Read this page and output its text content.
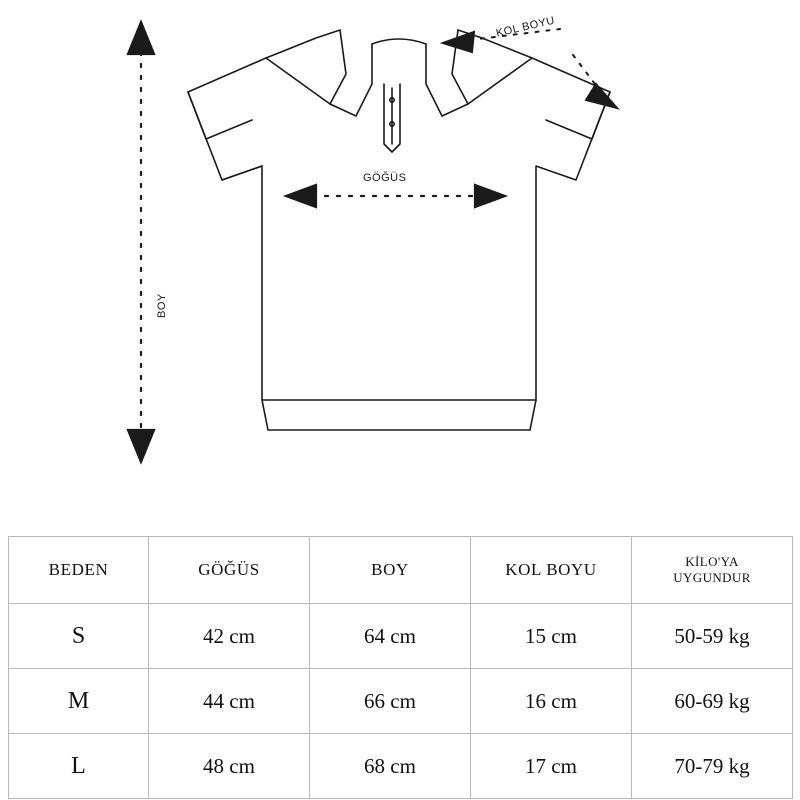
GÖĞÜS
KOL BOYU
BOY
BEDEN	GÖĞÜS	BOY	KOL BOYU	KİLO'YA
UYGUNDUR

S	42 cm	64 cm	15 cm	50-59 kg
M	44 cm	66 cm	16 cm	60-69 kg
L	48 cm	68 cm	17 cm	70-79 kg
